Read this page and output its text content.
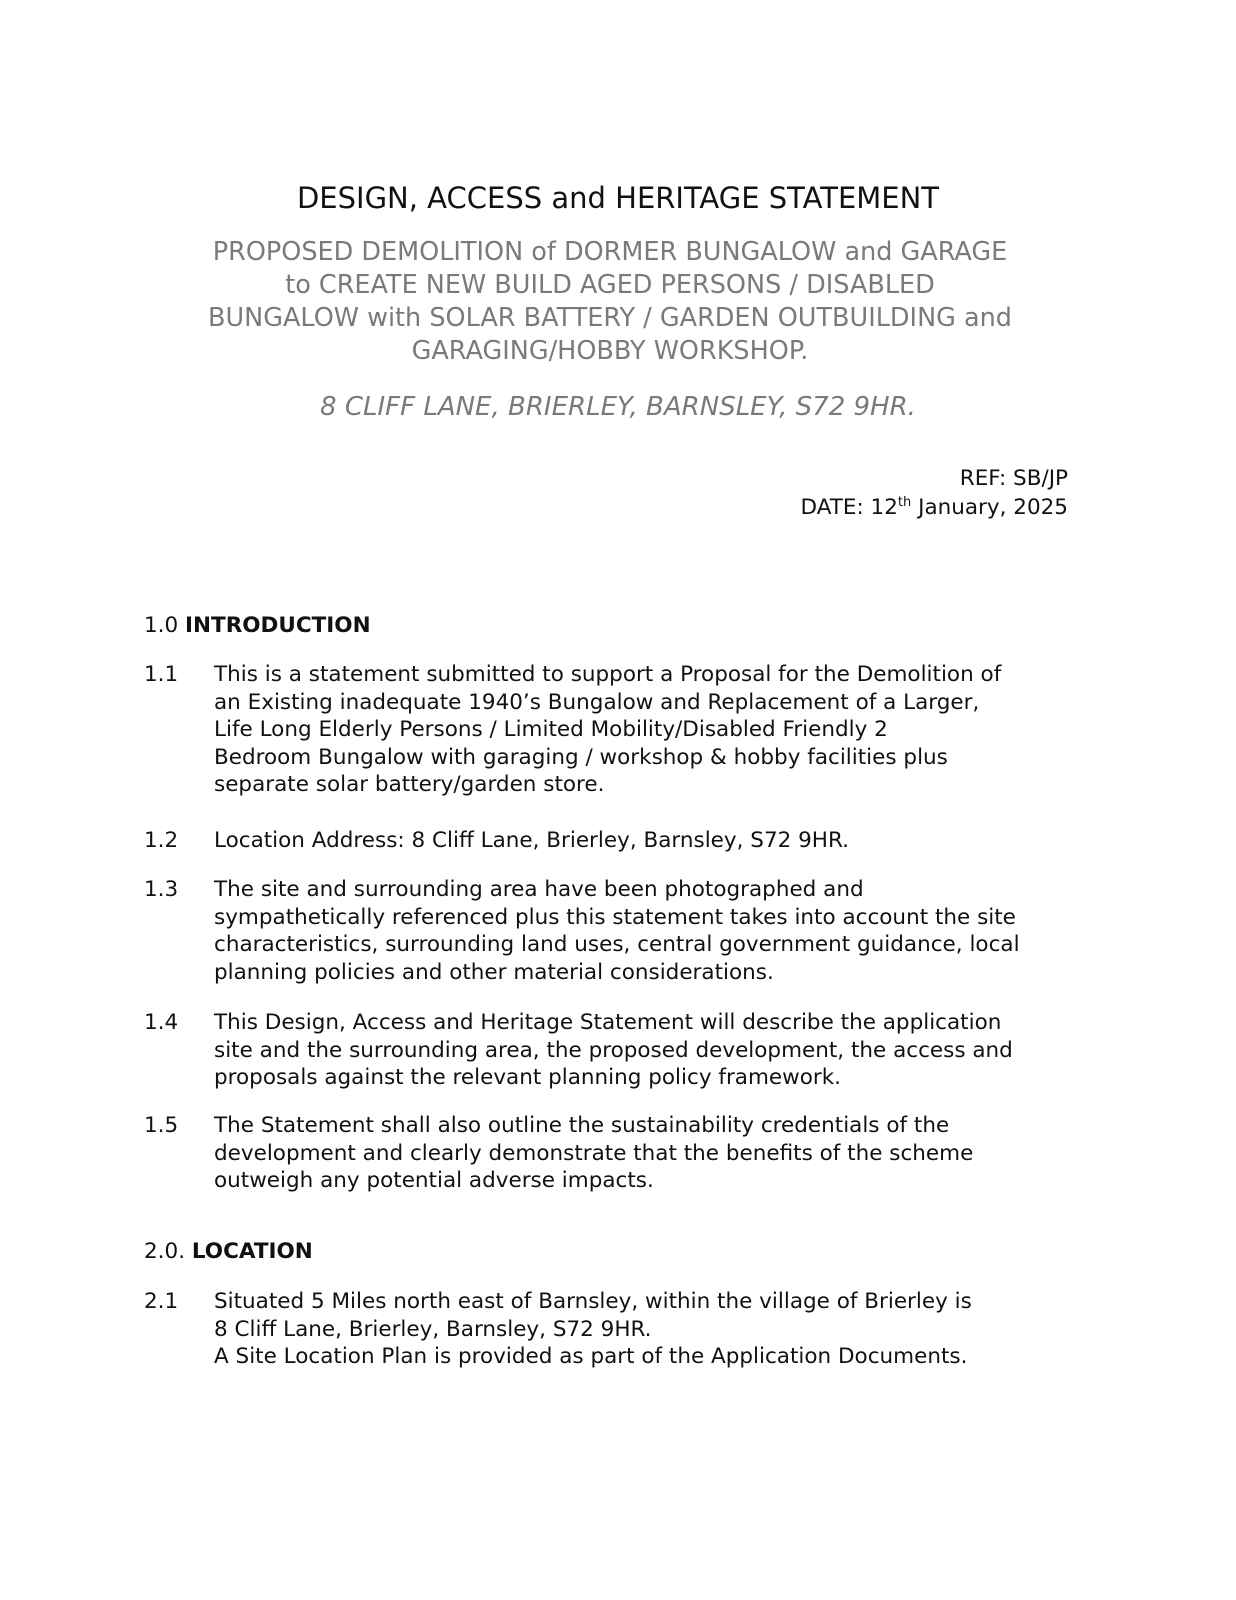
DESIGN, ACCESS and HERITAGE STATEMENT
PROPOSED DEMOLITION of DORMER BUNGALOW and GARAGE
to CREATE NEW BUILD AGED PERSONS / DISABLED
BUNGALOW with SOLAR BATTERY / GARDEN OUTBUILDING and
GARAGING/HOBBY WORKSHOP.
8 CLIFF LANE, BRIERLEY, BARNSLEY, S72 9HR.
REF: SB/JP
DATE: 12th January, 2025
1.0 INTRODUCTION
1.1 This is a statement submitted to support a Proposal for the Demolition of
an Existing inadequate 1940’s Bungalow and Replacement of a Larger,
Life Long Elderly Persons / Limited Mobility/Disabled Friendly 2
Bedroom Bungalow with garaging / workshop & hobby facilities plus
separate solar battery/garden store.
1.2 Location Address: 8 Cliff Lane, Brierley, Barnsley, S72 9HR.
1.3 The site and surrounding area have been photographed and
sympathetically referenced plus this statement takes into account the site
characteristics, surrounding land uses, central government guidance, local
planning policies and other material considerations.
1.4 This Design, Access and Heritage Statement will describe the application
site and the surrounding area, the proposed development, the access and
proposals against the relevant planning policy framework.
1.5 The Statement shall also outline the sustainability credentials of the
development and clearly demonstrate that the benefits of the scheme
outweigh any potential adverse impacts.
2.0. LOCATION
2.1 Situated 5 Miles north east of Barnsley, within the village of Brierley is
8 Cliff Lane, Brierley, Barnsley, S72 9HR.
A Site Location Plan is provided as part of the Application Documents.
